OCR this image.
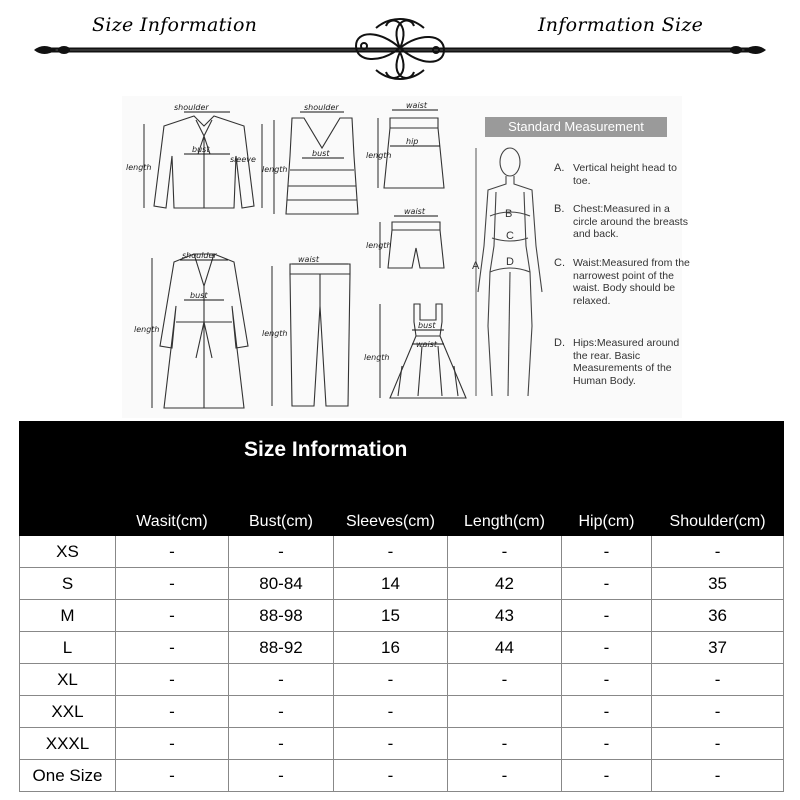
Size Information	Information Size
shoulder
bust
length
sleeve
shoulder
bust
length
waist
hip
length
waist
length
shoulder
bust
length
waist
length
bust
waist
length
Standard Measurement
B
C
D
A
A. Vertical height head to toe.
B. Chest:Measured in a circle around the breasts and back.
C. Waist:Measured from the narrowest point of the waist. Body should be relaxed.
D. Hips:Measured around the rear. Basic Measurements of the Human Body.
Size Information						
	Wasit(cm)	Bust(cm)	Sleeves(cm)	Length(cm)	Hip(cm)	Shoulder(cm)
XS	-	-	-	-	-	-
S	-	80-84	14	42	-	35
M	-	88-98	15	43	-	36
L	-	88-92	16	44	-	37
XL	-	-	-	-	-	-
XXL	-	-	-		-	-
XXXL	-	-	-	-	-	-
One Size	-	-	-	-	-	-
